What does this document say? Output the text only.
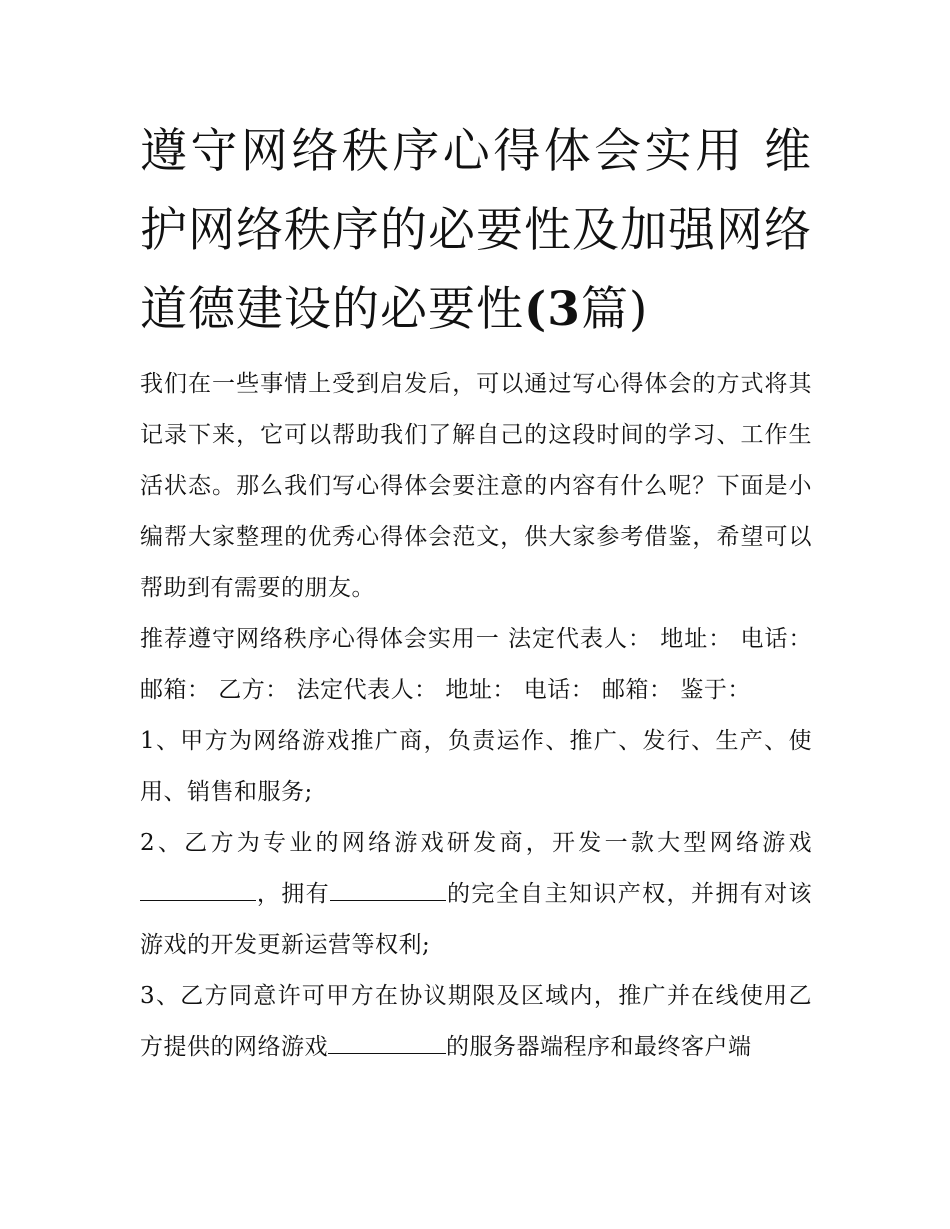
遵守网络秩序心得体会实用 维护网络秩序的必要性及加强网络道德建设的必要性(3篇)

我们在一些事情上受到启发后，可以通过写心得体会的方式将其记录下来，它可以帮助我们了解自己的这段时间的学习、工作生活状态。那么我们写心得体会要注意的内容有什么呢？下面是小编帮大家整理的优秀心得体会范文，供大家参考借鉴，希望可以帮助到有需要的朋友。

推荐遵守网络秩序心得体会实用一 法定代表人： 地址： 电话： 邮箱： 乙方： 法定代表人： 地址： 电话： 邮箱： 鉴于：

1、甲方为网络游戏推广商，负责运作、推广、发行、生产、使用、销售和服务;

2、乙方为专业的网络游戏研发商，开发一款大型网络游戏，拥有	的完全自主知识产权，并拥有对该游戏的开发更新运营等权利;

3、乙方同意许可甲方在协议期限及区域内，推广并在线使用乙方提供的网络游戏	的服务器端程序和最终客户端
